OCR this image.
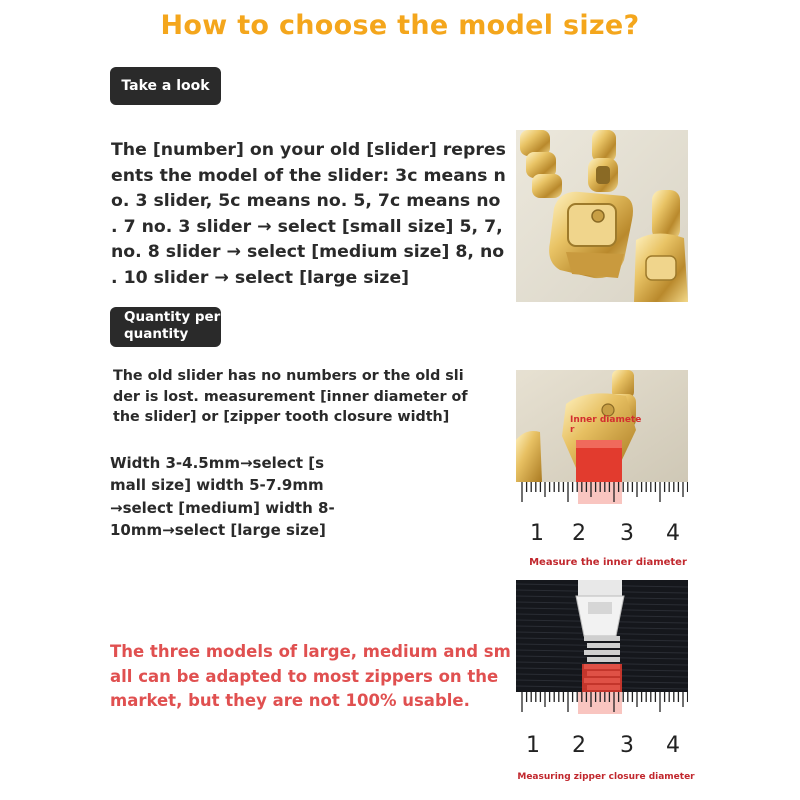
How to choose the model size?
Take a look
The [number] on your old [slider] repres
ents the model of the slider: 3c means n
o. 3 slider, 5c means no. 5, 7c means no
. 7 no. 3 slider → select [small size] 5, 7,
no. 8 slider → select [medium size] 8, no
. 10 slider → select [large size]
Quantity per
quantity
The old slider has no numbers or the old sli
der is lost. measurement [inner diameter of
the slider] or [zipper tooth closure width]
Width 3-4.5mm→select [s
mall size] width 5-7.9mm
→select [medium] width 8-
10mm→select [large size]	1 2 3 4
Inner diamete
r
Measure the inner diameter
1 2 3 4
Measuring zipper closure diameter
The three models of large, medium and sm
all can be adapted to most zippers on the
market, but they are not 100% usable.
